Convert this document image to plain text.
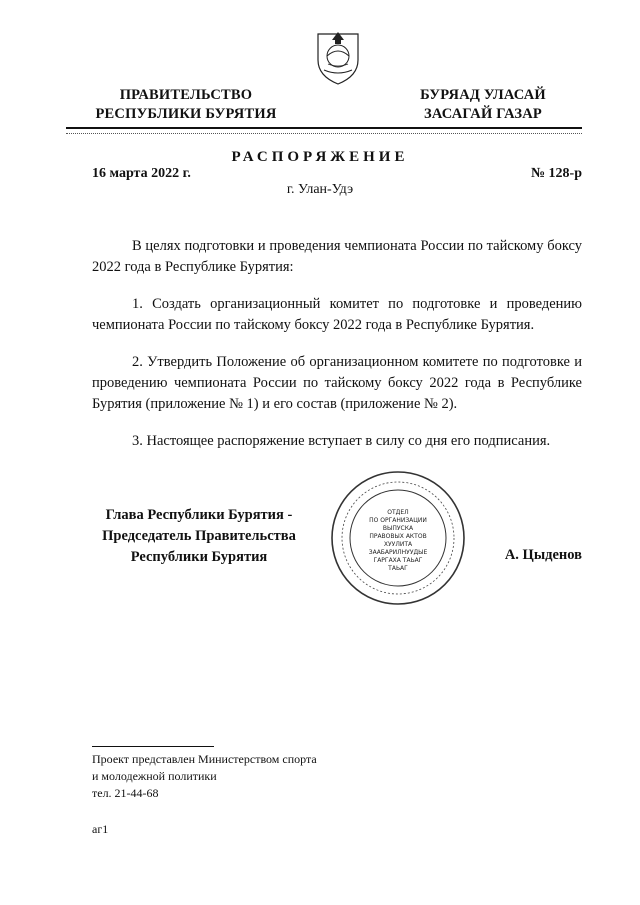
ПРАВИТЕЛЬСТВО
РЕСПУБЛИКИ БУРЯТИЯ
БУРЯАД УЛАСАЙ
ЗАСАГАЙ ГАЗАР
РАСПОРЯЖЕНИЕ
16 марта 2022 г.	№ 128-р
г. Улан-Удэ

В целях подготовки и проведения чемпионата России по тайскому боксу 2022 года в Республике Бурятия:

1. Создать организационный комитет по подготовке и проведению чемпионата России по тайскому боксу 2022 года в Республике Бурятия.

2. Утвердить Положение об организационном комитете по подготовке и проведению чемпионата России по тайскому боксу 2022 года в Республике Бурятия (приложение № 1) и его состав (приложение № 2).

3. Настоящее распоряжение вступает в силу со дня его подписания.

Глава Республики Бурятия -
Председатель Правительства
Республики Бурятия
ОТДЕЛ
ПО ОРГАНИЗАЦИИ
ВЫПУСКА
ПРАВОВЫХ АКТОВ
ХУУЛИТА
ЗААБАРИЛНУУДЫЕ
ГАРГАХА ТАЬАГ
ТАЬАГ
А. Цыденов
Проект представлен Министерством спорта
и молодежной политики
тел. 21-44-68
аг1
